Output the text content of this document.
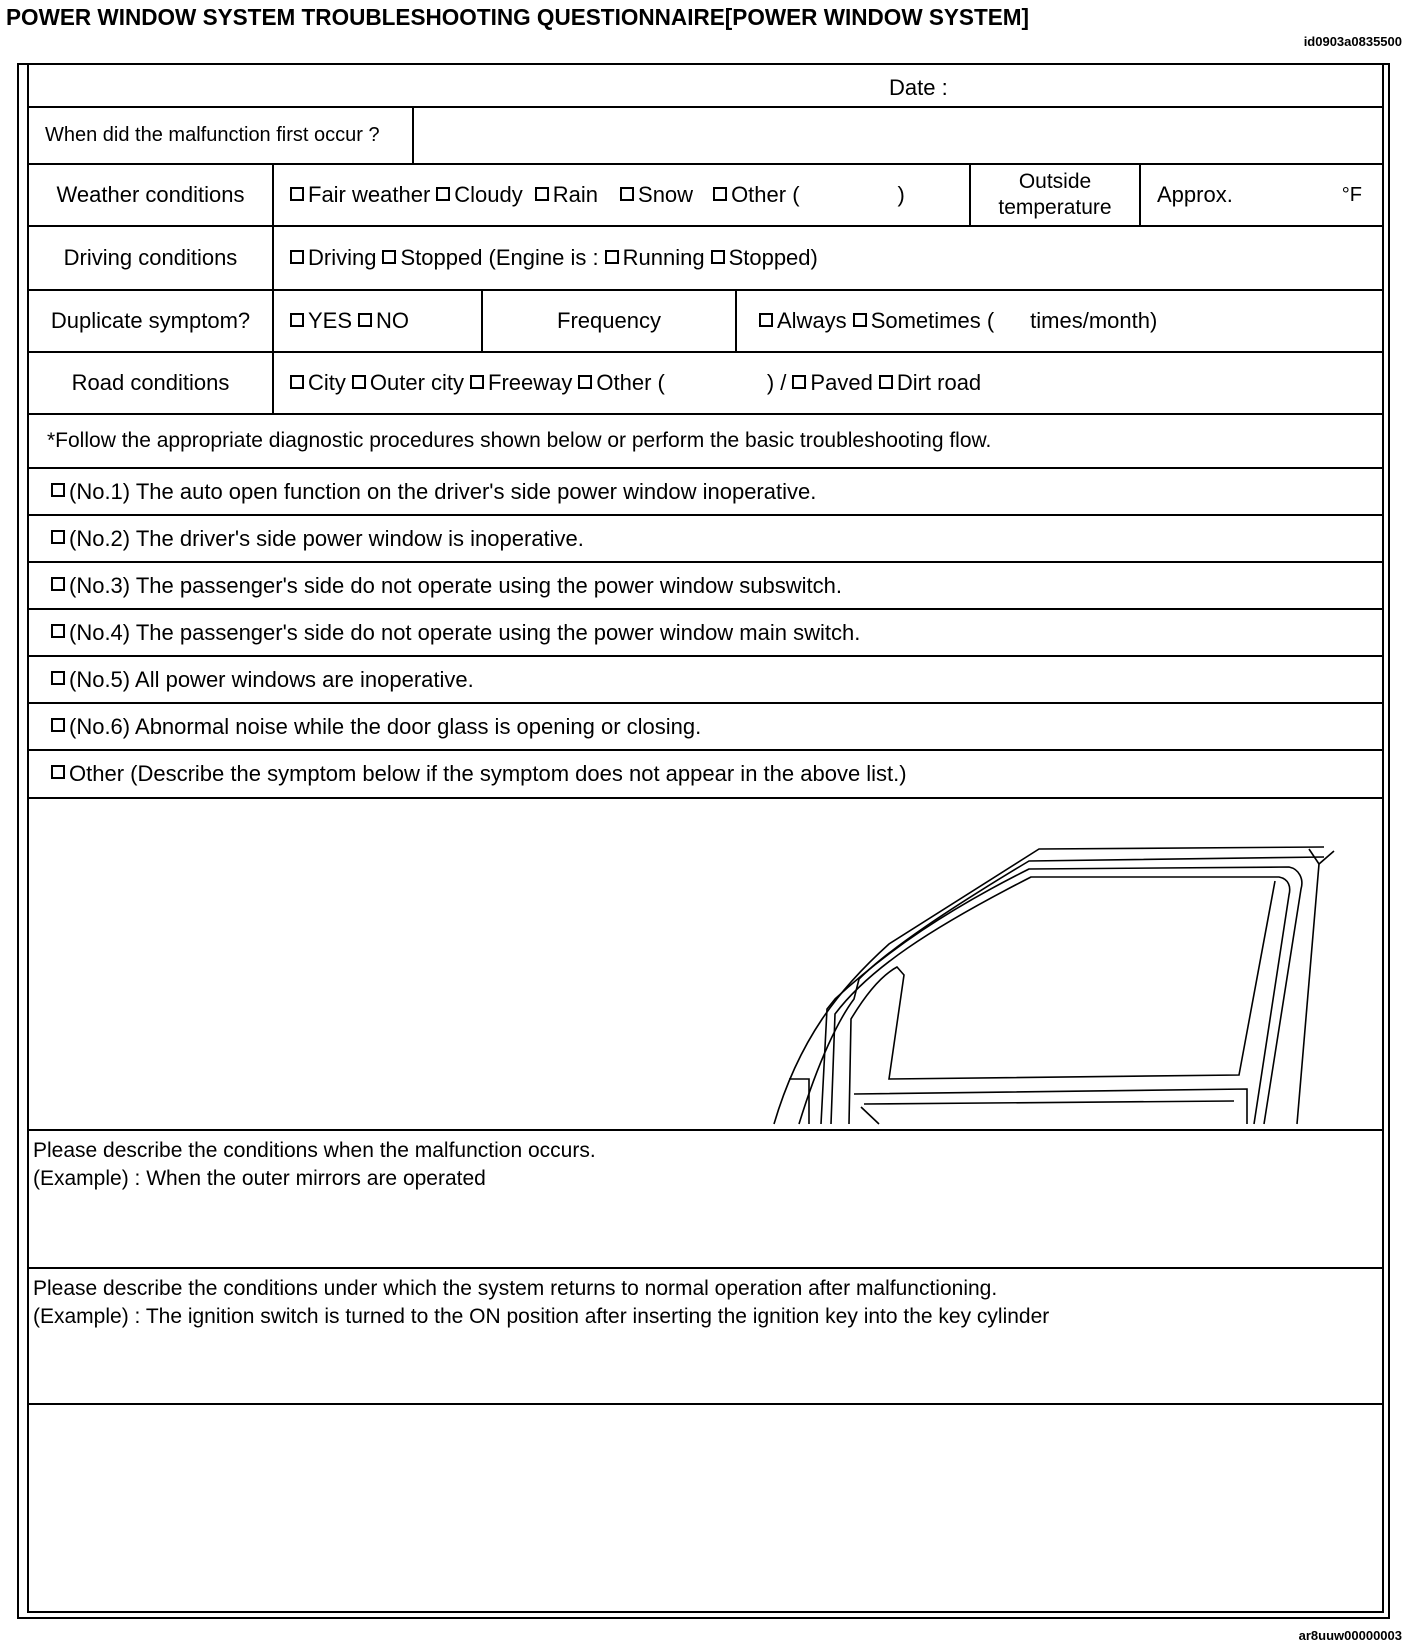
POWER WINDOW SYSTEM TROUBLESHOOTING QUESTIONNAIRE[POWER WINDOW SYSTEM]
id0903a0835500
Date :
When did the malfunction first occur ?
Weather conditions	Fair weather	Cloudy	Rain	Snow	Other (	)
Outside
temperature
Approx.	°F
Driving conditions	Driving	Stopped (Engine is :	Running	Stopped)
Duplicate symptom?	YES	NO	Frequency	Always	Sometimes ( times/month)
Road conditions	City	Outer city	Freeway	Other (	) /	Paved	Dirt road
*Follow the appropriate diagnostic procedures shown below or perform the basic troubleshooting flow.
(No.1) The auto open function on the driver's side power window inoperative.
(No.2) The driver's side power window is inoperative.
(No.3) The passenger's side do not operate using the power window subswitch.
(No.4) The passenger's side do not operate using the power window main switch.
(No.5) All power windows are inoperative.
(No.6) Abnormal noise while the door glass is opening or closing.
Other (Describe the symptom below if the symptom does not appear in the above list.)
Please describe the conditions when the malfunction occurs.
(Example) : When the outer mirrors are operated
Please describe the conditions under which the system returns to normal operation after malfunctioning.
(Example) : The ignition switch is turned to the ON position after inserting the ignition key into the key cylinder
ar8uuw00000003
